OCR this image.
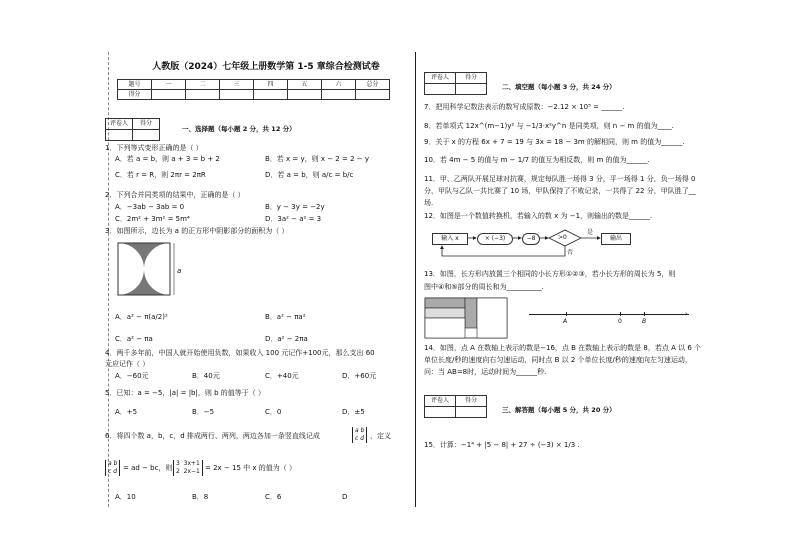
人教版（2024）七年级上册数学第 1-5 章综合检测试卷
题号	一	二	三	四	五	六	总分
得分							
评卷人	得分

一、选择题（每小题 2 分，共 12 分）
1．下列等式变形正确的是（ ）
A．若 a = b，则 a + 3 = b + 2	B．若 x = y，则 x − 2 = 2 − y
C．若 r = R，则 2πr = 2πR	D．若 a = b，则 a/c = b/c
2．下列合并同类项的结果中，正确的是（ ）
A．−3ab − 3ab = 0	B．y − 3y = −2y
C．2m² + 3m² = 5m⁴	D．3a² − a² = 3
3．如图所示，边长为 a 的正方形中阴影部分的面积为（ ）
a
A．a² − π(a/2)²	B．a² − πa²
C．a² − πa	D．a² − 2πa
4．两千多年前，中国人就开始使用负数，如果收入 100 元记作+100元，那么支出 60
元应记作（ ）
A．−60元	B．40元	C．+40元	D．+60元
5．已知：a = −5，|a| = |b|，则 b 的值等于（ ）
A．+5	B．−5	C．0	D．±5
6．将四个数 a，b，c，d 排成两行、两列，两边各加一条竖直线记成
a b
c d ，定义
a b
c d = ad − bc，则
3 3x+1
2 2x−1 = 2x − 15 中 x 的值为（ ）
A．10	B．8	C．6	D
评卷人	得分

二、填空题（每小题 3 分，共 24 分）
7．把用科学记数法表示的数写成原数：−2.12 × 10⁵ = ______.
8．若单项式 12x^(m−1)y² 与 −1/3·x²y^n 是同类项，则 n − m 的值为____.
9．关于 x 的方程 6x + 7 = 19 与 3x = 18 − 3m 的解相同，则 m 的值为______.
10．若 4m − 5 的值与 m − 1/7 的值互为相反数，则 m 的值为______.
11．甲、乙两队开展足球对抗赛，规定每队胜一场得 3 分，平一场得 1 分，负一场得 0
分，甲队与乙队一共比赛了 10 场，甲队保持了不败记录，一共得了 22 分，甲队胜了__
场.
12．如图是一个数值转换机，若输入的数 x 为 −1，则输出的数是______.
输入 x	× (−3)	−8	>0
是
否
输出
13．如图，长方形内放置三个相同的小长方形①②③，若小长方形的周长为 5，则
图中④和⑤部分的周长和为__________.
›
A	0	B
14．如图，点 A 在数轴上表示的数是−16，点 B 在数轴上表示的数是 8，若点 A 以 6 个
单位长度/秒的速度向右匀速运动，同时点 B 以 2 个单位长度/秒的速度向左匀速运动，
问：当 AB=8时，运动时间为______秒.
评卷人	得分

三、解答题（每小题 5 分，共 20 分）
15．计算：−1⁴ + |5 − 8| + 27 ÷ (−3) × 1/3 .
